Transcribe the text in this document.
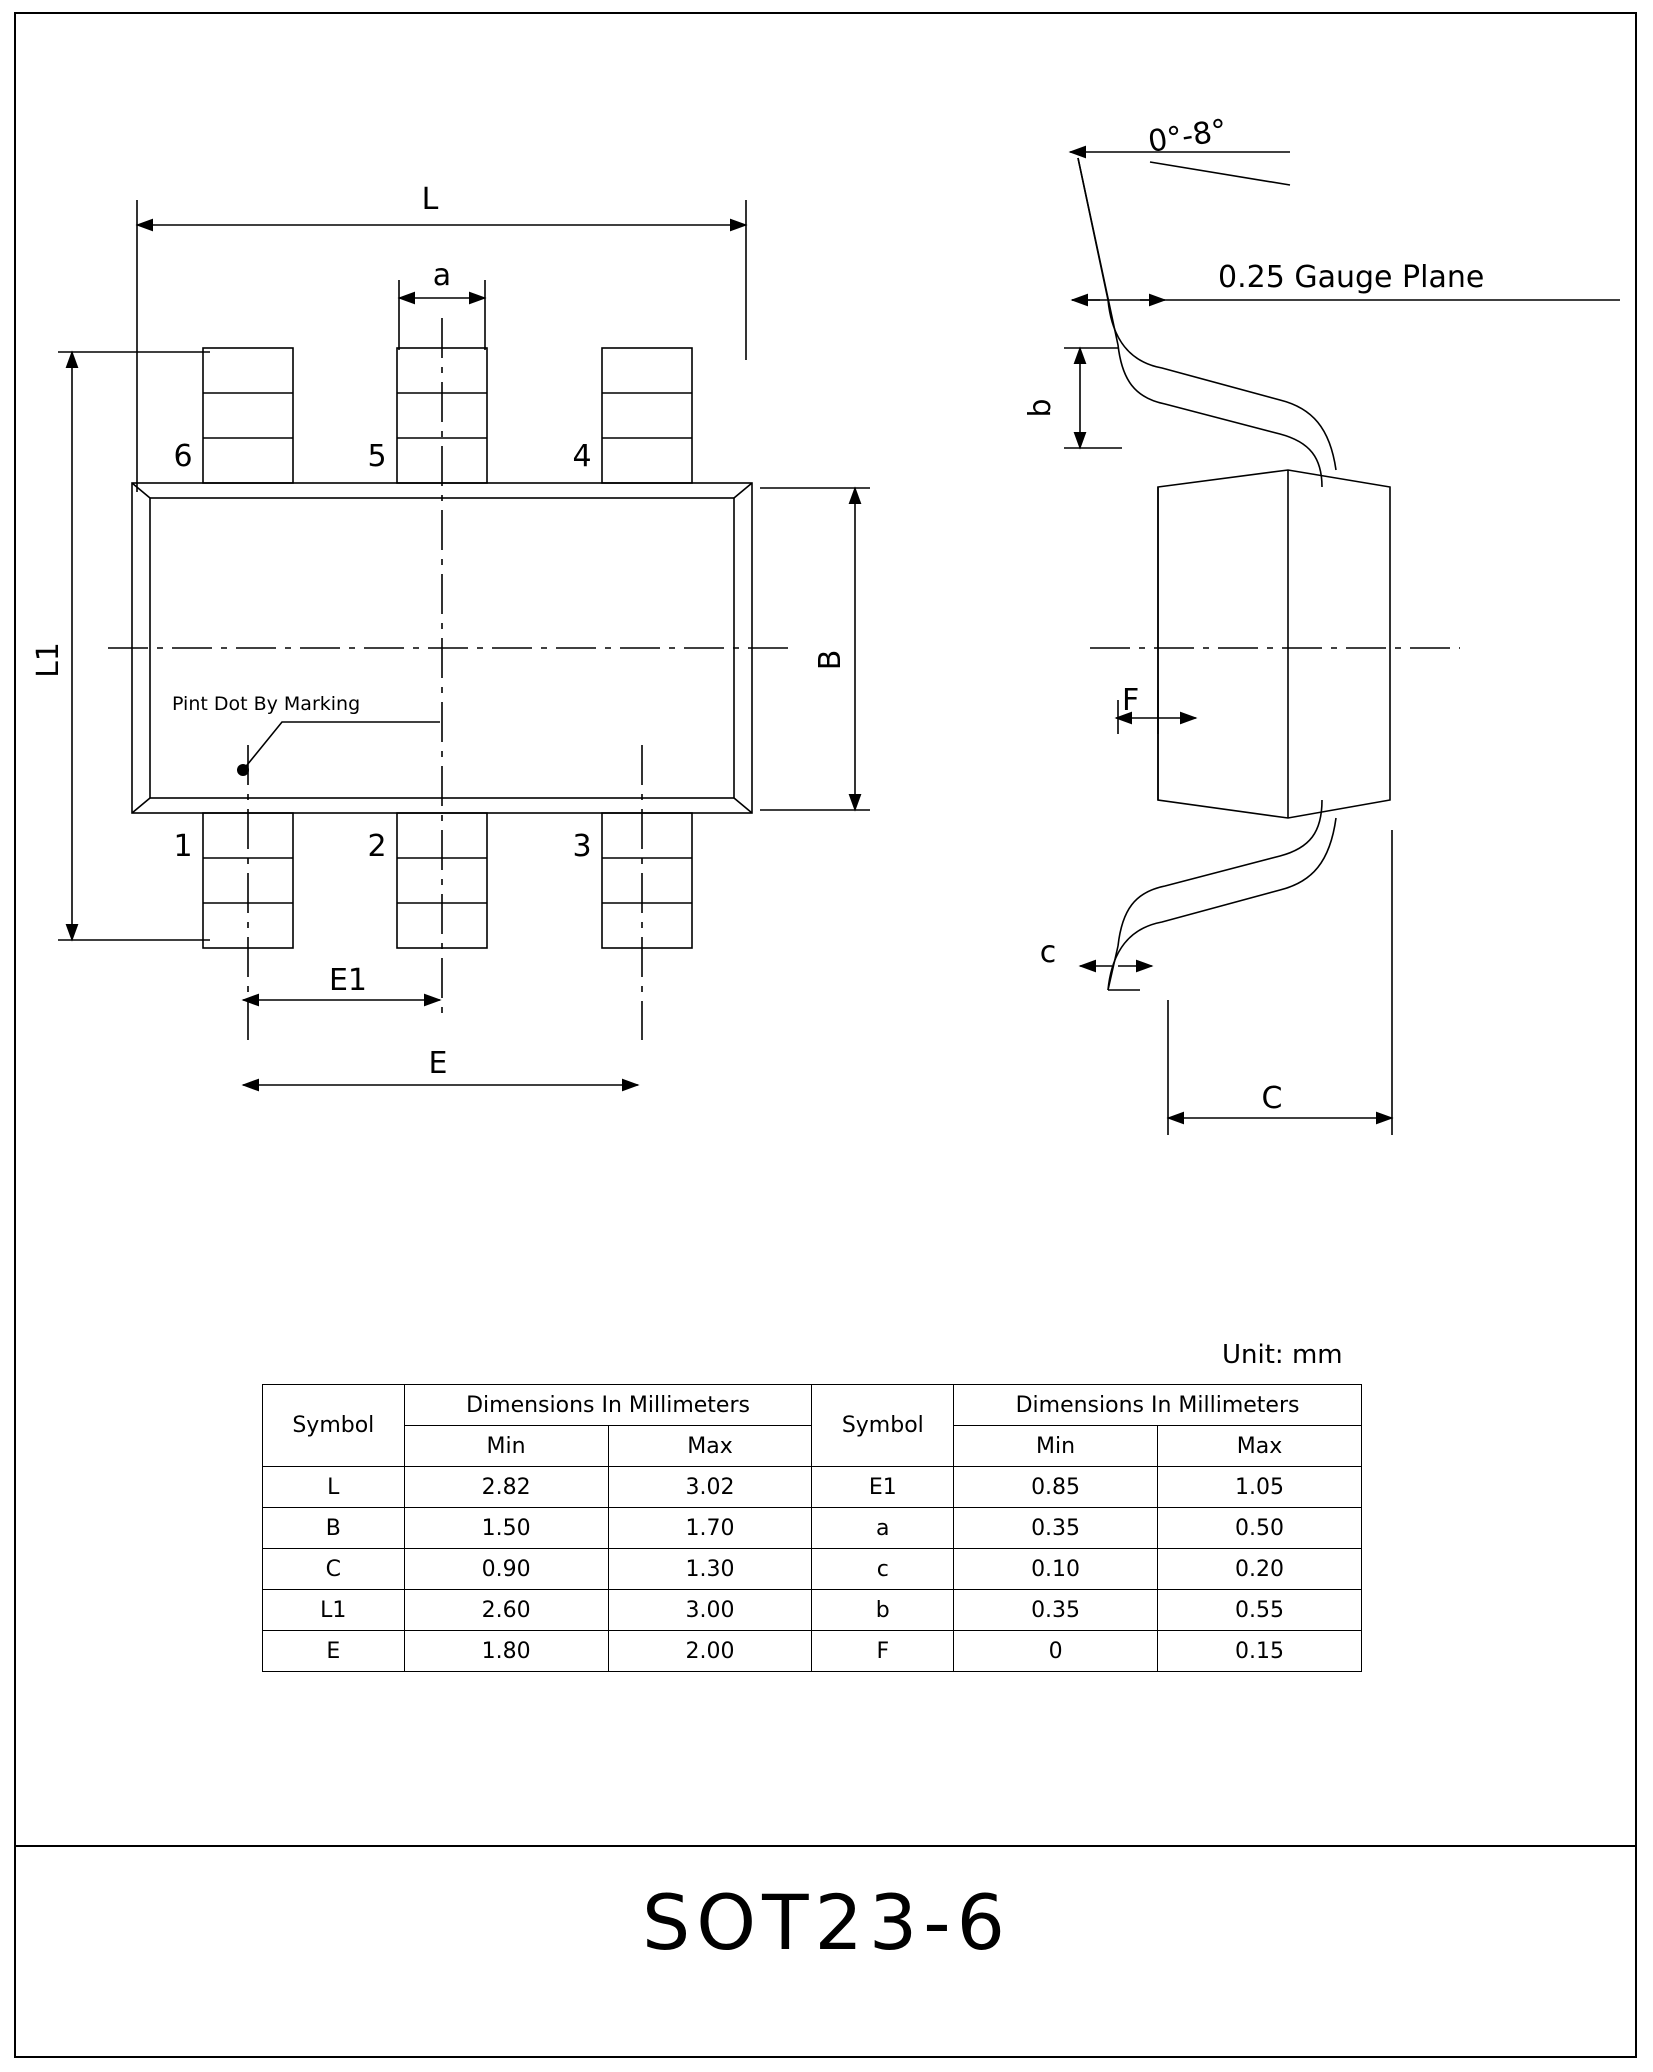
L
a
L1	B
E1
E
Pint Dot By Marking
6	5	4
1	2	3
0°-8°
0.25 Gauge Plane
b
F
c
C
Unit: mm
Symbol	Dimensions In Millimeters		Symbol	Dimensions In Millimeters	
	Min	Max		Min	Max
L	2.82	3.02	E1	0.85	1.05
B	1.50	1.70	a	0.35	0.50
C	0.90	1.30	c	0.10	0.20
L1	2.60	3.00	b	0.35	0.55
E	1.80	2.00	F	0	0.15
SOT23-6
